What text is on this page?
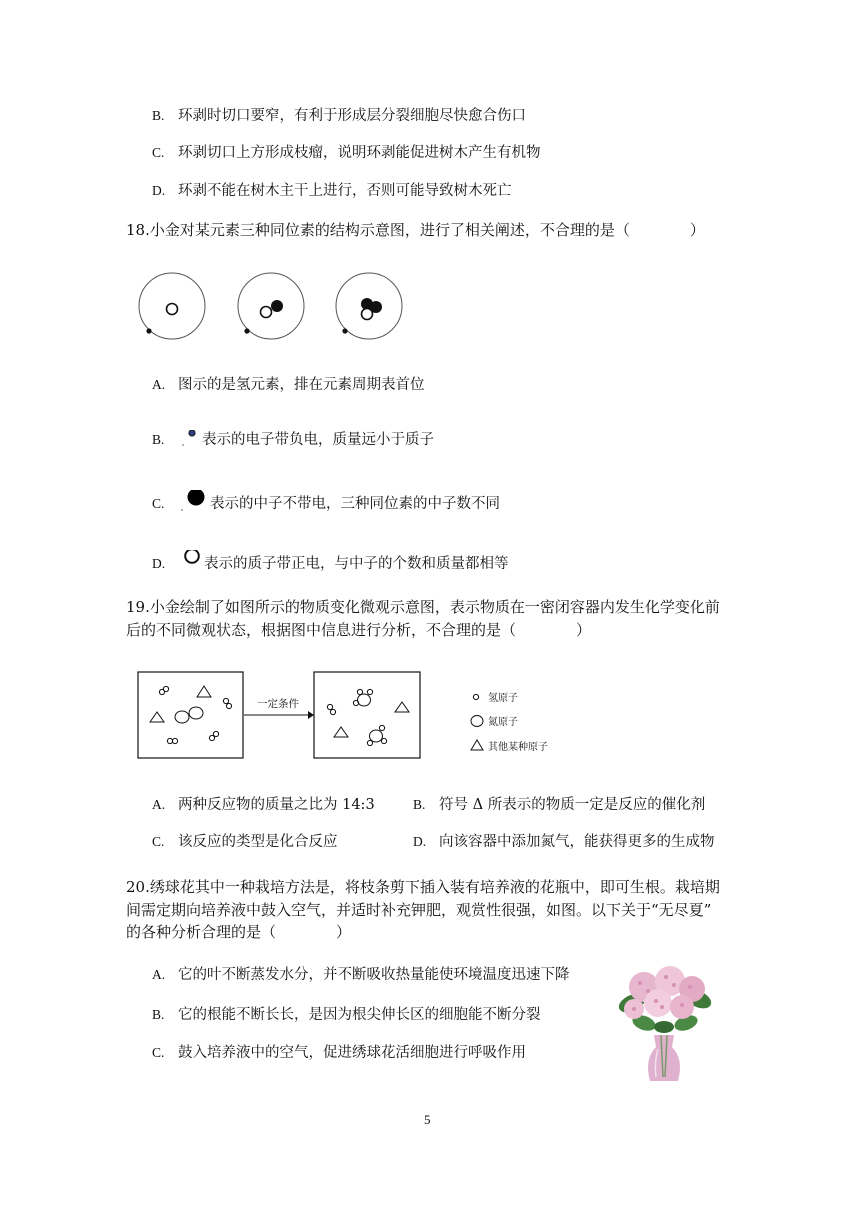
B. 环剥时切口要窄，有利于形成层分裂细胞尽快愈合伤口
C. 环剥切口上方形成枝瘤，说明环剥能促进树木产生有机物
D. 环剥不能在树木主干上进行，否则可能导致树木死亡
18.小金对某元素三种同位素的结构示意图，进行了相关阐述，不合理的是（　　　　）
A. 图示的是氢元素，排在元素周期表首位
B.	表示的电子带负电，质量远小于质子
C.	表示的中子不带电，三种同位素的中子数不同
D.	表示的质子带正电，与中子的个数和质量都相等
19.小金绘制了如图所示的物质变化微观示意图，表示物质在一密闭容器内发生化学变化前
后的不同微观状态，根据图中信息进行分析，不合理的是（　　　　）
一定条件	氢原子
氮原子
其他某种原子
A. 两种反应物的质量之比为 14:3	B. 符号 Δ 所表示的物质一定是反应的催化剂
C. 该反应的类型是化合反应	D. 向该容器中添加氮气，能获得更多的生成物
20.绣球花其中一种栽培方法是，将枝条剪下插入装有培养液的花瓶中，即可生根。栽培期
间需定期向培养液中鼓入空气，并适时补充钾肥，观赏性很强，如图。以下关于“无尽夏”
的各种分析合理的是（　　　　）
A. 它的叶不断蒸发水分，并不断吸收热量能使环境温度迅速下降
B. 它的根能不断长长，是因为根尖伸长区的细胞能不断分裂
C. 鼓入培养液中的空气，促进绣球花活细胞进行呼吸作用
5
